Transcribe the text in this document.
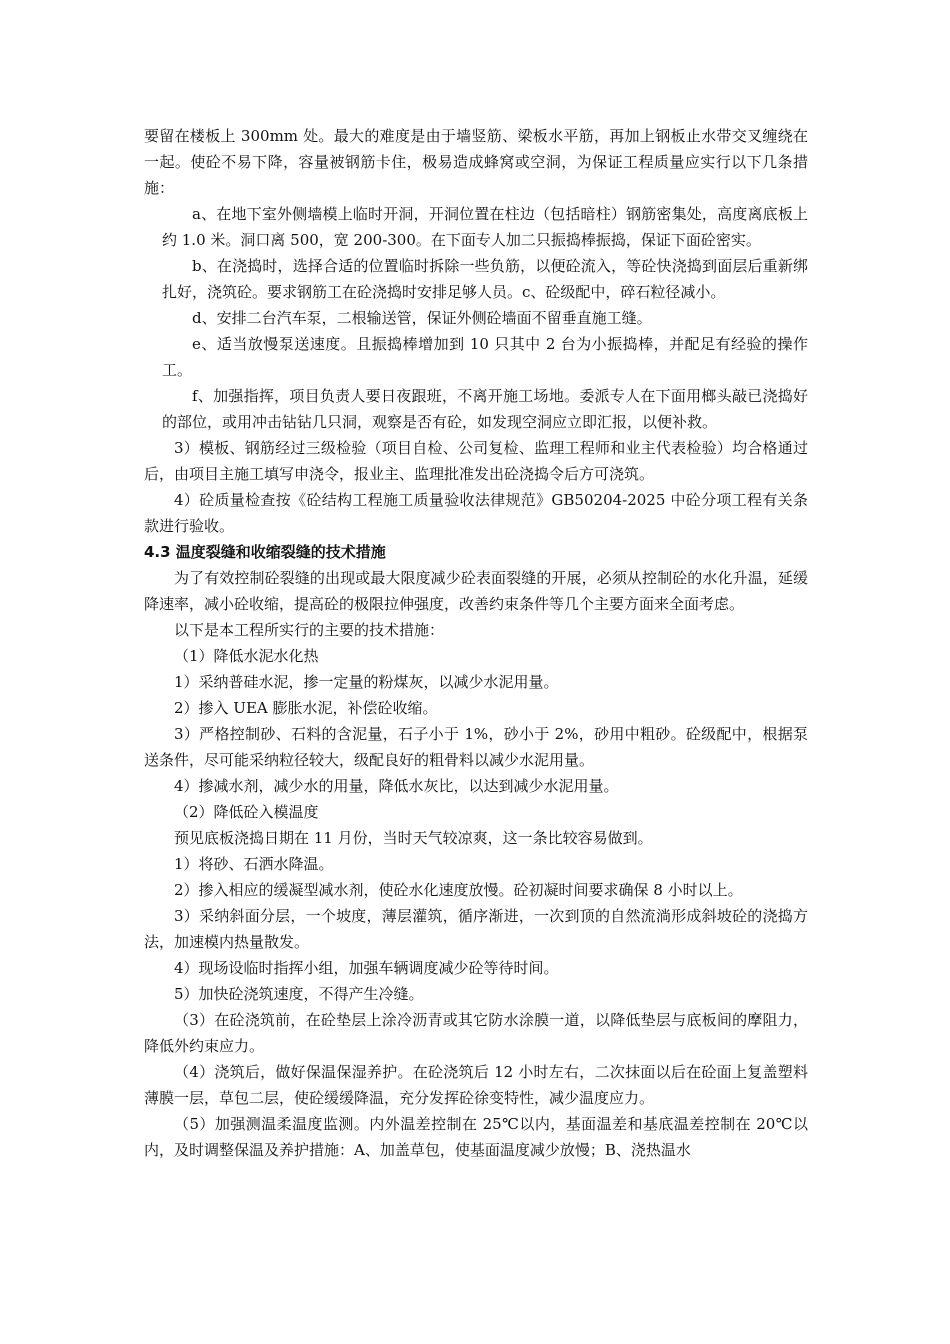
要留在楼板上 300mm 处。最大的难度是由于墙竖筋、梁板水平筋，再加上钢板止水带交叉缠绕在一起。使砼不易下降，容量被钢筋卡住，极易造成蜂窝或空洞，为保证工程质量应实行以下几条措施：

a、在地下室外侧墙模上临时开洞，开洞位置在柱边（包括暗柱）钢筋密集处，高度离底板上约 1.0 米。洞口离 500，宽 200-300。在下面专人加二只振捣棒振捣，保证下面砼密实。

b、在浇捣时，选择合适的位置临时拆除一些负筋，以便砼流入，等砼快浇捣到面层后重新绑扎好，浇筑砼。要求钢筋工在砼浇捣时安排足够人员。c、砼级配中，碎石粒径减小。

d、安排二台汽车泵，二根输送管，保证外侧砼墙面不留垂直施工缝。

e、适当放慢泵送速度。且振捣棒增加到 10 只其中 2 台为小振捣棒，并配足有经验的操作工。

f、加强指挥，项目负责人要日夜跟班，不离开施工场地。委派专人在下面用榔头敲已浇捣好的部位，或用冲击钻钻几只洞，观察是否有砼，如发现空洞应立即汇报，以便补救。

3）模板、钢筋经过三级检验（项目自检、公司复检、监理工程师和业主代表检验）均合格通过后，由项目主施工填写申浇令，报业主、监理批准发出砼浇捣令后方可浇筑。

4）砼质量检查按《砼结构工程施工质量验收法律规范》GB50204-2025 中砼分项工程有关条款进行验收。

4.3 温度裂缝和收缩裂缝的技术措施

为了有效控制砼裂缝的出现或最大限度减少砼表面裂缝的开展，必须从控制砼的水化升温，延缓降速率，减小砼收缩，提高砼的极限拉伸强度，改善约束条件等几个主要方面来全面考虑。

以下是本工程所实行的主要的技术措施：

（1）降低水泥水化热

1）采纳普硅水泥，掺一定量的粉煤灰，以减少水泥用量。

2）掺入 UEA 膨胀水泥，补偿砼收缩。

3）严格控制砂、石料的含泥量，石子小于 1%，砂小于 2%，砂用中粗砂。砼级配中，根据泵送条件，尽可能采纳粒径较大，级配良好的粗骨料以减少水泥用量。

4）掺减水剂，减少水的用量，降低水灰比，以达到减少水泥用量。

（2）降低砼入模温度

预见底板浇捣日期在 11 月份，当时天气较凉爽，这一条比较容易做到。

1）将砂、石洒水降温。

2）掺入相应的缓凝型减水剂，使砼水化速度放慢。砼初凝时间要求确保 8 小时以上。

3）采纳斜面分层，一个坡度，薄层灌筑，循序渐进，一次到顶的自然流淌形成斜坡砼的浇捣方法，加速模内热量散发。

4）现场设临时指挥小组，加强车辆调度减少砼等待时间。

5）加快砼浇筑速度，不得产生冷缝。

（3）在砼浇筑前，在砼垫层上涂冷沥青或其它防水涂膜一道，以降低垫层与底板间的摩阻力，降低外约束应力。

（4）浇筑后，做好保温保湿养护。在砼浇筑后 12 小时左右，二次抹面以后在砼面上复盖塑料薄膜一层，草包二层，使砼缓缓降温，充分发挥砼徐变特性，减少温度应力。

（5）加强测温柔温度监测。内外温差控制在 25℃以内，基面温差和基底温差控制在 20℃以内，及时调整保温及养护措施：A、加盖草包，使基面温度减少放慢；B、浇热温水
